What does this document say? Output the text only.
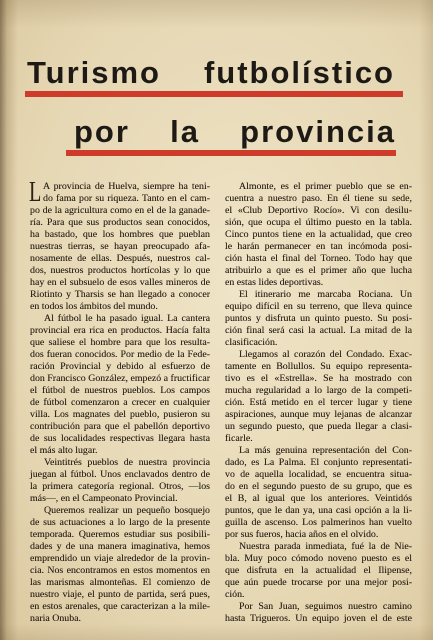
Turismo futbolístico
por la provincia
L A provincia de Huelva, siempre ha teni-
do fama por su riqueza. Tanto en el cam-
po de la agricultura como en el de la ganade-
ría. Para que sus productos sean conocidos,
ha bastado, que los hombres que pueblan
nuestras tierras, se hayan preocupado afa-
nosamente de ellas. Después, nuestros cal-
dos, nuestros productos hortícolas y lo que
hay en el subsuelo de esos valles mineros de
Riotinto y Tharsis se han llegado a conocer
en todos los ámbitos del mundo.
Al fútbol le ha pasado igual. La cantera
provincial era rica en productos. Hacía falta
que saliese el hombre para que los resulta-
dos fueran conocidos. Por medio de la Fede-
ración Provincial y debido al esfuerzo de
don Francisco González, empezó a fructificar
el fútbol de nuestros pueblos. Los campos
de fútbol comenzaron a crecer en cualquier
villa. Los magnates del pueblo, pusieron su
contribución para que el pabellón deportivo
de sus localidades respectivas llegara hasta
el más alto lugar.
Veintitrés pueblos de nuestra provincia
juegan al fútbol. Unos enclavados dentro de
la primera categoría regional. Otros, —los
más—, en el Campeonato Provincial.
Queremos realizar un pequeño bosquejo
de sus actuaciones a lo largo de la presente
temporada. Queremos estudiar sus posibili-
dades y de una manera imaginativa, hemos
emprendido un viaje alrededor de la provin-
cia. Nos encontramos en estos momentos en
las marismas almonteñas. El comienzo de
nuestro viaje, el punto de partida, será pues,
en estos arenales, que caracterizan a la mile-
naria Onuba.
Almonte, es el primer pueblo que se en-
cuentra a nuestro paso. En él tiene su sede,
el «Club Deportivo Rocío». Vi con desilu-
sión, que ocupa el último puesto en la tabla.
Cinco puntos tiene en la actualidad, que creo
le harán permanecer en tan incómoda posi-
ción hasta el final del Torneo. Todo hay que
atribuirlo a que es el primer año que lucha
en estas lides deportivas.
El itinerario me marcaba Rociana. Un
equipo difícil en su terreno, que lleva quince
puntos y disfruta un quinto puesto. Su posi-
ción final será casi la actual. La mitad de la
clasificación.
Llegamos al corazón del Condado. Exac-
tamente en Bollullos. Su equipo representa-
tivo es el «Estrella». Se ha mostrado con
mucha regularidad a lo largo de la competi-
ción. Está metido en el tercer lugar y tiene
aspiraciones, aunque muy lejanas de alcanzar
un segundo puesto, que pueda llegar a clasi-
ficarle.
La más genuina representación del Con-
dado, es La Palma. El conjunto representati-
vo de aquella localidad, se encuentra situa-
do en el segundo puesto de su grupo, que es
el B, al igual que los anteriores. Veintidós
puntos, que le dan ya, una casi opción a la li-
guilla de ascenso. Los palmerinos han vuelto
por sus fueros, hacia años en el olvido.
Nuestra parada inmediata, fué la de Nie-
bla. Muy poco cómodo noveno puesto es el
que disfruta en la actualidad el Ilipense,
que aún puede trocarse por una mejor posi-
ción.
Por San Juan, seguimos nuestro camino
hasta Trigueros. Un equipo joven el de este
